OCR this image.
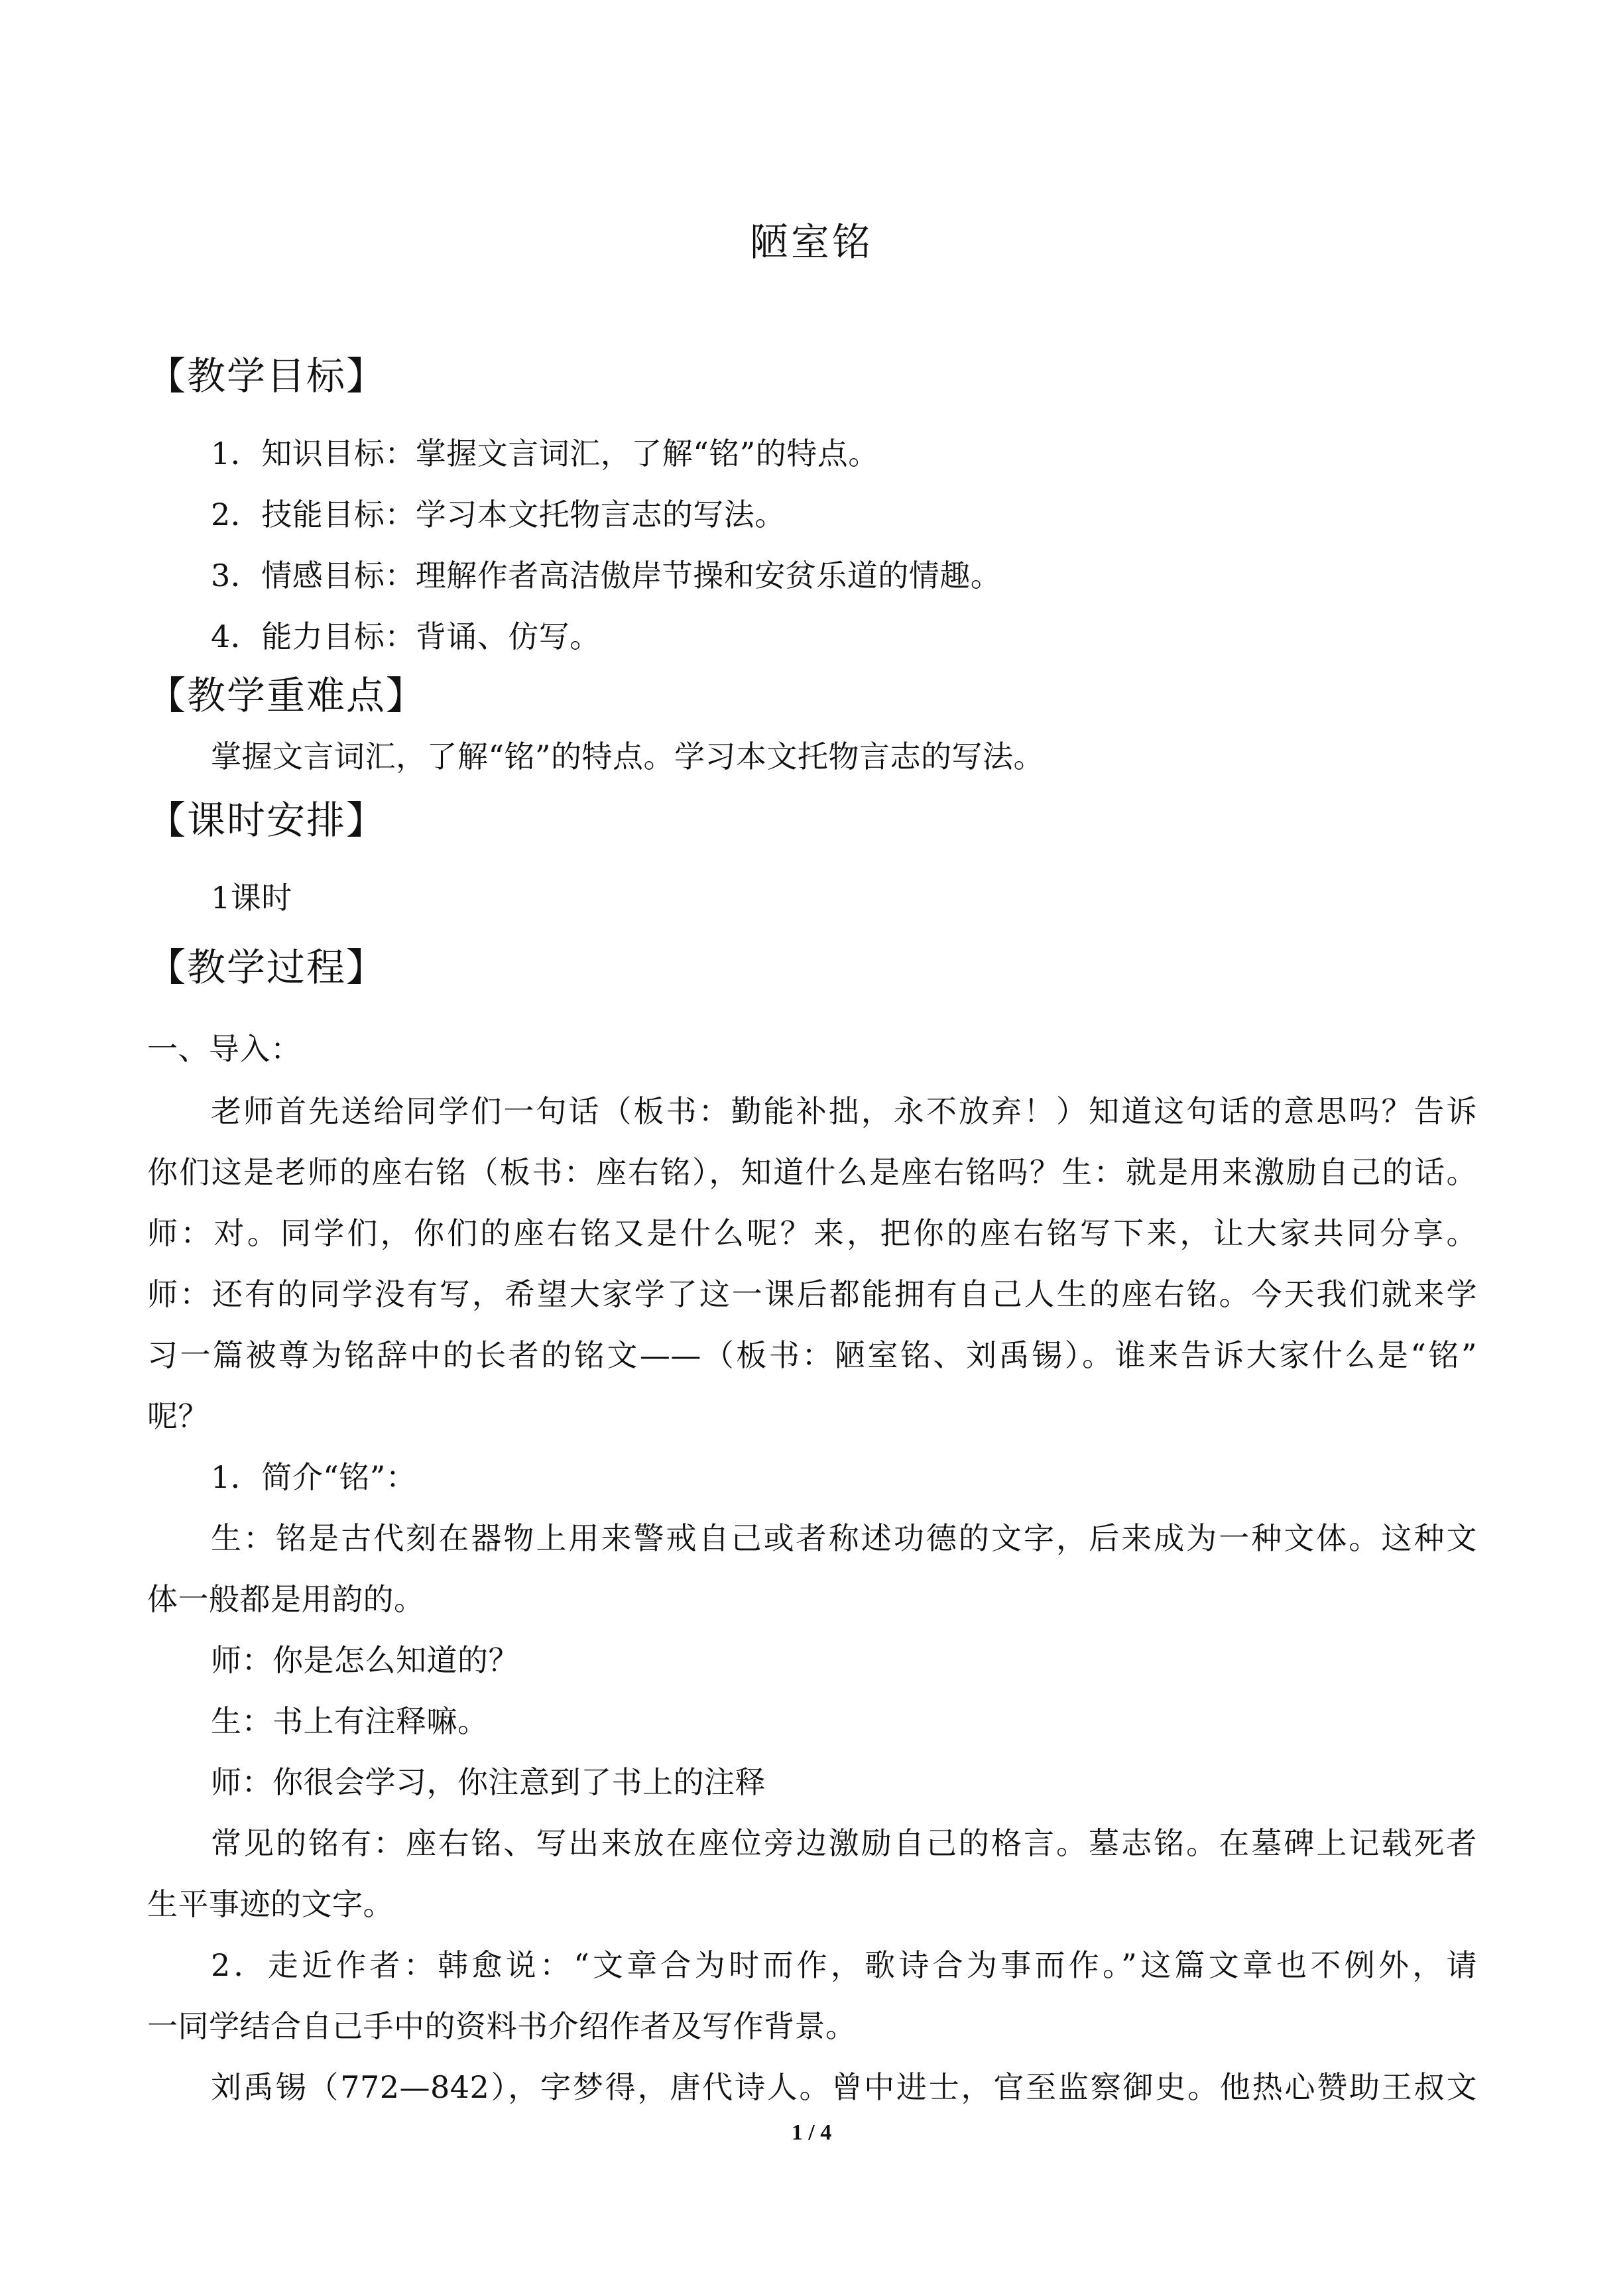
陋室铭
【教学目标】
1．知识目标：掌握文言词汇，了解“铭”的特点。
2．技能目标：学习本文托物言志的写法。
3．情感目标：理解作者高洁傲岸节操和安贫乐道的情趣。
4．能力目标：背诵、仿写。
【教学重难点】
掌握文言词汇，了解“铭”的特点。学习本文托物言志的写法。
【课时安排】
1课时
【教学过程】
一、导入：
老师首先送给同学们一句话（板书：勤能补拙，永不放弃！）知道这句话的意思吗？告诉
你们这是老师的座右铭（板书：座右铭），知道什么是座右铭吗？生：就是用来激励自己的话。
师：对。同学们，你们的座右铭又是什么呢？来，把你的座右铭写下来，让大家共同分享。
师：还有的同学没有写，希望大家学了这一课后都能拥有自己人生的座右铭。今天我们就来学
习一篇被尊为铭辞中的长者的铭文——（板书：陋室铭、刘禹锡）。谁来告诉大家什么是“铭”
呢？
1．简介“铭”：
生：铭是古代刻在器物上用来警戒自己或者称述功德的文字，后来成为一种文体。这种文
体一般都是用韵的。
师：你是怎么知道的？
生：书上有注释嘛。
师：你很会学习，你注意到了书上的注释
常见的铭有：座右铭、写出来放在座位旁边激励自己的格言。墓志铭。在墓碑上记载死者
生平事迹的文字。
2．走近作者：韩愈说：“文章合为时而作，歌诗合为事而作。”这篇文章也不例外，请
一同学结合自己手中的资料书介绍作者及写作背景。
刘禹锡（772—842），字梦得，唐代诗人。曾中进士，官至监察御史。他热心赞助王叔文
1 / 4
